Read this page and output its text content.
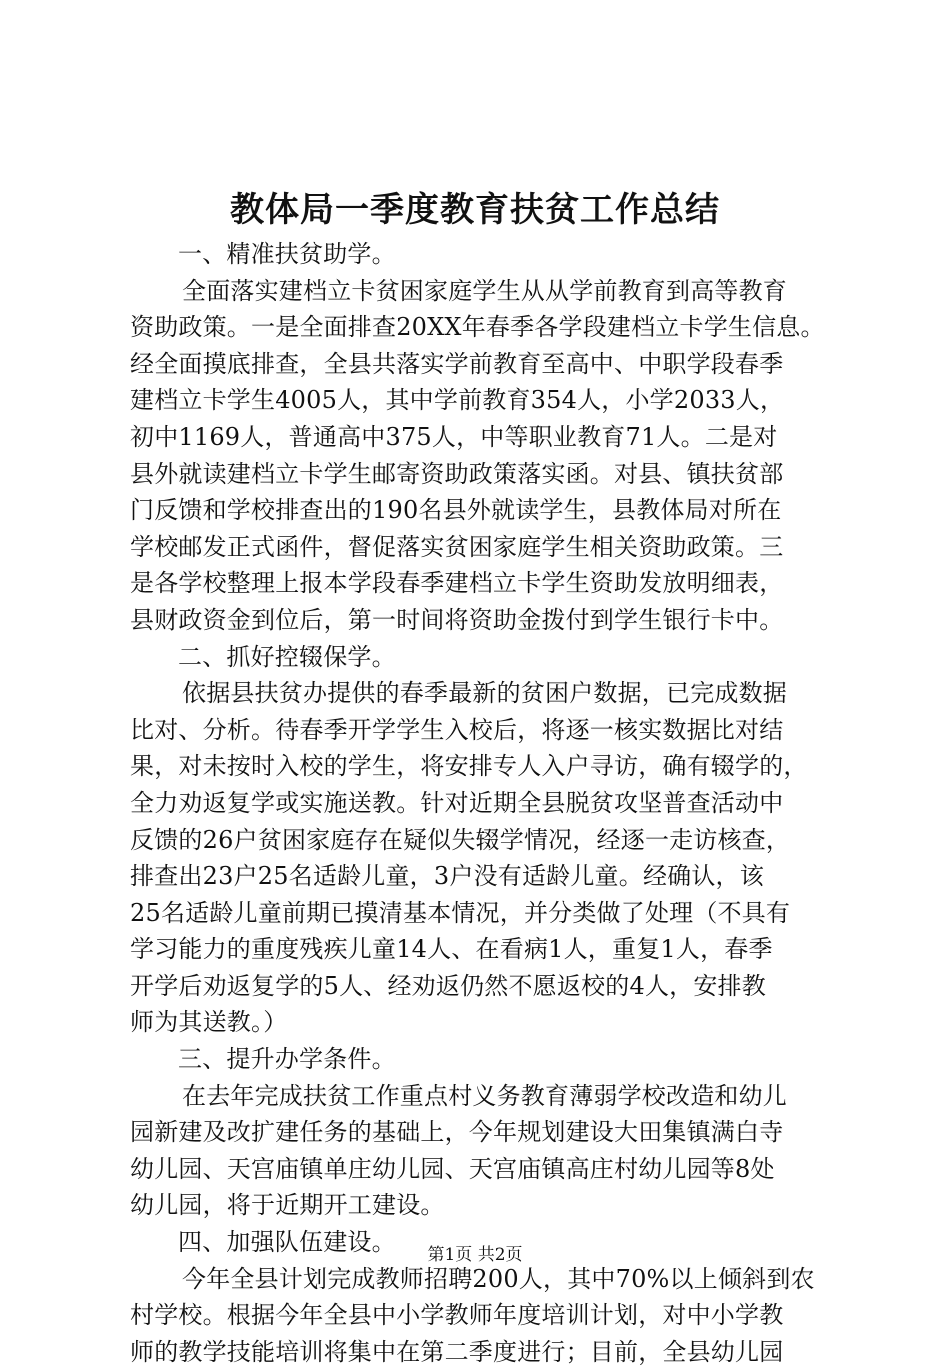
教体局一季度教育扶贫工作总结
一、精准扶贫助学。
全面落实建档立卡贫困家庭学生从从学前教育到高等教育
资助政策。一是全面排查20XX年春季各学段建档立卡学生信息。
经全面摸底排查，全县共落实学前教育至高中、中职学段春季
建档立卡学生4005人，其中学前教育354人，小学2033人，
初中1169人，普通高中375人，中等职业教育71人。二是对
县外就读建档立卡学生邮寄资助政策落实函。对县、镇扶贫部
门反馈和学校排查出的190名县外就读学生，县教体局对所在
学校邮发正式函件，督促落实贫困家庭学生相关资助政策。三
是各学校整理上报本学段春季建档立卡学生资助发放明细表，
县财政资金到位后，第一时间将资助金拨付到学生银行卡中。
二、抓好控辍保学。
依据县扶贫办提供的春季最新的贫困户数据，已完成数据
比对、分析。待春季开学学生入校后，将逐一核实数据比对结
果，对未按时入校的学生，将安排专人入户寻访，确有辍学的，
全力劝返复学或实施送教。针对近期全县脱贫攻坚普查活动中
反馈的26户贫困家庭存在疑似失辍学情况，经逐一走访核查，
排查出23户25名适龄儿童，3户没有适龄儿童。经确认，该
25名适龄儿童前期已摸清基本情况，并分类做了处理（不具有
学习能力的重度残疾儿童14人、在看病1人，重复1人，春季
开学后劝返复学的5人、经劝返仍然不愿返校的4人，安排教
师为其送教。）
三、提升办学条件。
在去年完成扶贫工作重点村义务教育薄弱学校改造和幼儿
园新建及改扩建任务的基础上，今年规划建设大田集镇满白寺
幼儿园、天宫庙镇单庄幼儿园、天宫庙镇高庄村幼儿园等8处
幼儿园，将于近期开工建设。
四、加强队伍建设。
今年全县计划完成教师招聘200人，其中70%以上倾斜到农
村学校。根据今年全县中小学教师年度培训计划，对中小学教
师的教学技能培训将集中在第二季度进行；目前，全县幼儿园
第1页 共2页
